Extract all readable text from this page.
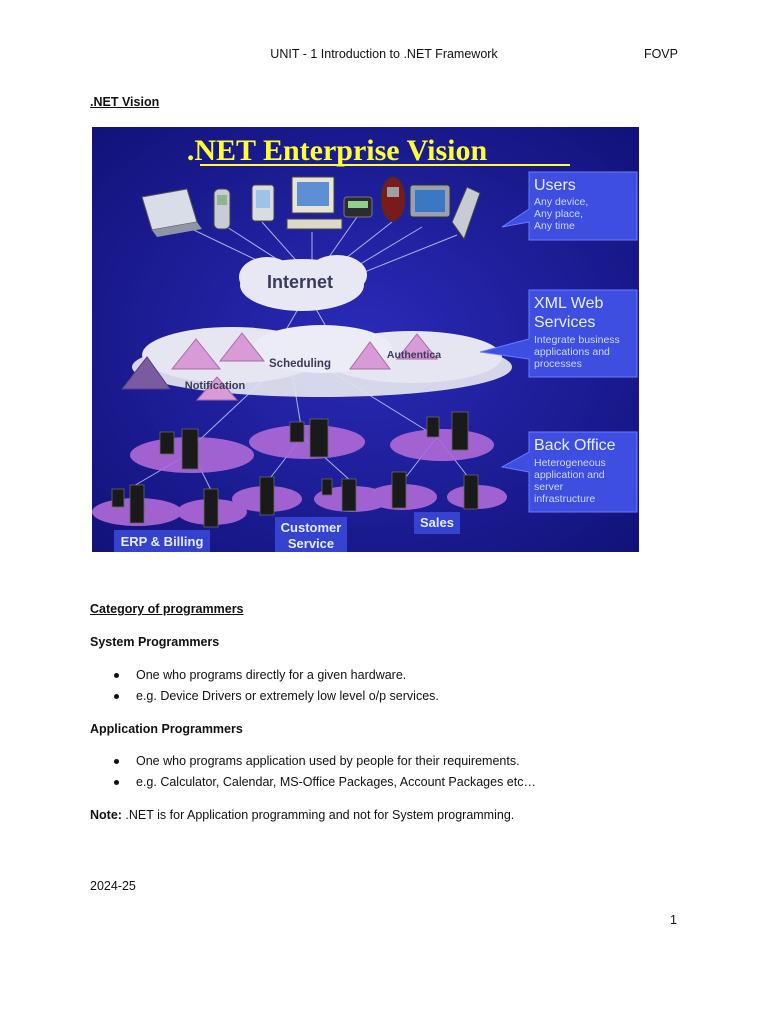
UNIT - 1 Introduction to .NET Framework	FOVP
.NET Vision
.NET Enterprise Vision
Internet
Scheduling
Notification
Authentica
ERP & Billing
Customer
Service
Sales
Users
Any device,
Any place,
Any time
XML Web
Services
Integrate business
applications and
processes
Back Office
Heterogeneous
application and
server
infrastructure
Category of programmers
System Programmers
One who programs directly for a given hardware.
e.g. Device Drivers or extremely low level o/p services.
Application Programmers
One who programs application used by people for their requirements.
e.g. Calculator, Calendar, MS-Office Packages, Account Packages etc…
Note: .NET is for Application programming and not for System programming.
2024-25
1
